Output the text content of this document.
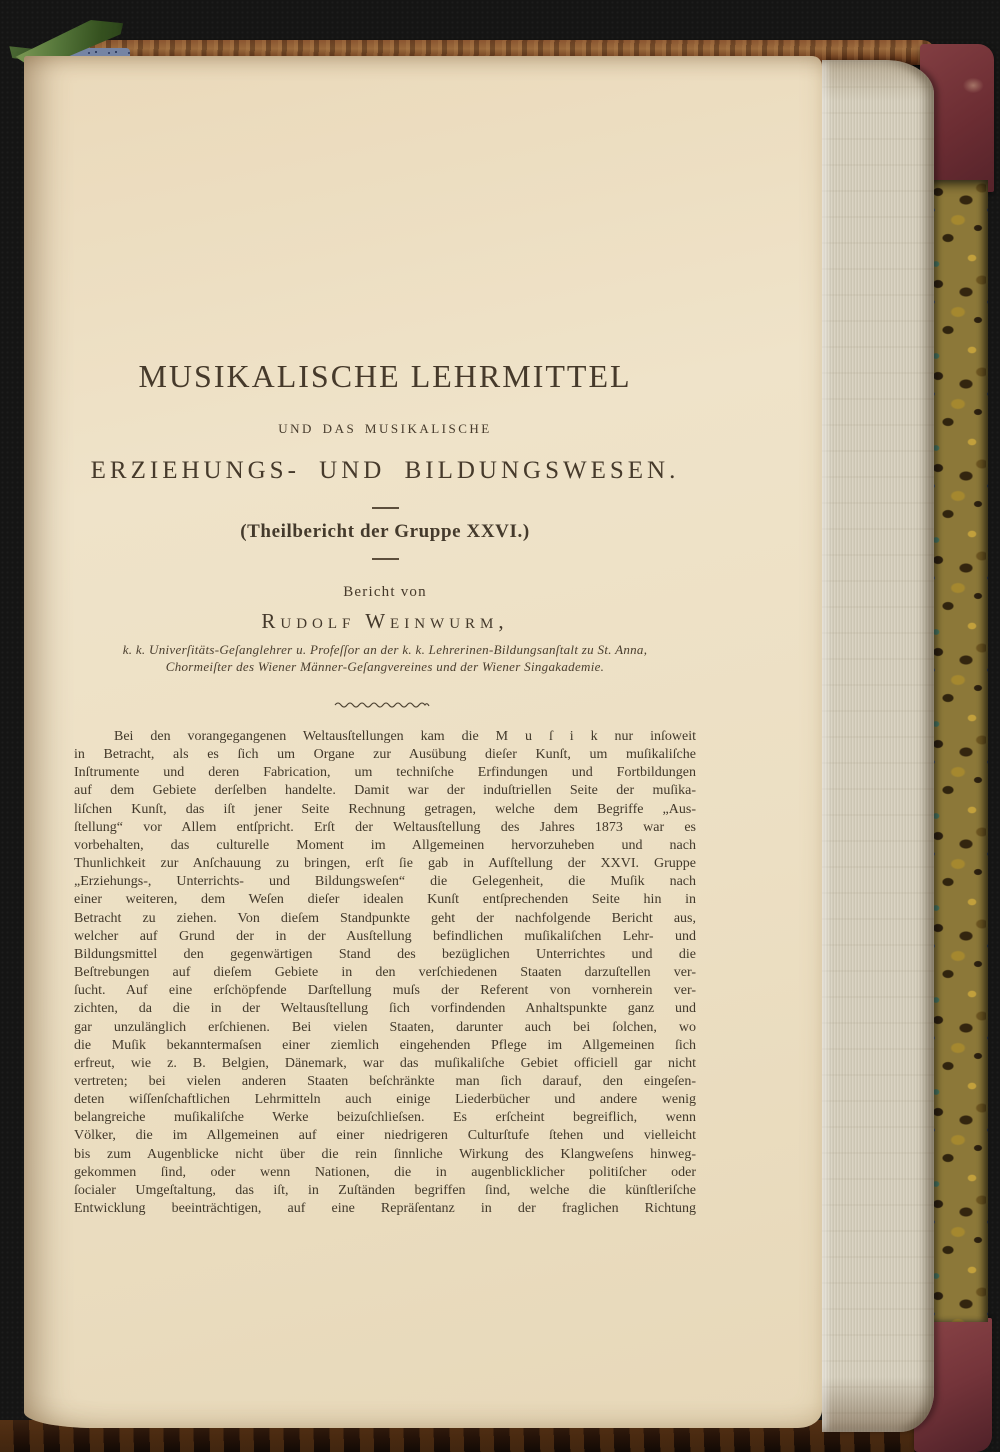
MUSIKALISCHE LEHRMITTEL
UND DAS MUSIKALISCHE
ERZIEHUNGS- UND BILDUNGSWESEN.
(Theilbericht der Gruppe XXVI.)
Bericht von
Rudolf Weinwurm,
k. k. Univerſitäts-Geſanglehrer u. Profeſſor an der k. k. Lehrerinen-Bildungsanſtalt zu St. Anna,
Chormeiſter des Wiener Männer-Geſangvereines und der Wiener Singakademie.
Bei den vorangegangenen Weltausſtellungen kam die M u ſ i k nur inſoweit
in Betracht, als es ſich um Organe zur Ausübung dieſer Kunſt, um muſikaliſche
Inſtrumente und deren Fabrication, um techniſche Erfindungen und Fortbildungen
auf dem Gebiete derſelben handelte. Damit war der induſtriellen Seite der muſika-
liſchen Kunſt, das iſt jener Seite Rechnung getragen, welche dem Begriffe „Aus-
ſtellung“ vor Allem entſpricht. Erſt der Weltausſtellung des Jahres 1873 war es
vorbehalten, das culturelle Moment im Allgemeinen hervorzuheben und nach
Thunlichkeit zur Anſchauung zu bringen, erſt ſie gab in Aufſtellung der XXVI. Gruppe
„Erziehungs-, Unterrichts- und Bildungsweſen“ die Gelegenheit, die Muſik nach
einer weiteren, dem Weſen dieſer idealen Kunſt entſprechenden Seite hin in
Betracht zu ziehen. Von dieſem Standpunkte geht der nachfolgende Bericht aus,
welcher auf Grund der in der Ausſtellung befindlichen muſikaliſchen Lehr- und
Bildungsmittel den gegenwärtigen Stand des bezüglichen Unterrichtes und die
Beſtrebungen auf dieſem Gebiete in den verſchiedenen Staaten darzuſtellen ver-
ſucht. Auf eine erſchöpfende Darſtellung muſs der Referent von vornherein ver-
zichten, da die in der Weltausſtellung ſich vorfindenden Anhaltspunkte ganz und
gar unzulänglich erſchienen. Bei vielen Staaten, darunter auch bei ſolchen, wo
die Muſik bekanntermaſsen einer ziemlich eingehenden Pflege im Allgemeinen ſich
erfreut, wie z. B. Belgien, Dänemark, war das muſikaliſche Gebiet officiell gar nicht
vertreten; bei vielen anderen Staaten beſchränkte man ſich darauf, den eingeſen-
deten wiſſenſchaftlichen Lehrmitteln auch einige Liederbücher und andere wenig
belangreiche muſikaliſche Werke beizuſchlieſsen. Es erſcheint begreiflich, wenn
Völker, die im Allgemeinen auf einer niedrigeren Culturſtufe ſtehen und vielleicht
bis zum Augenblicke nicht über die rein ſinnliche Wirkung des Klangweſens hinweg-
gekommen ſind, oder wenn Nationen, die in augenblicklicher politiſcher oder
ſocialer Umgeſtaltung, das iſt, in Zuſtänden begriffen ſind, welche die künſtleriſche
Entwicklung beeinträchtigen, auf eine Repräſentanz in der fraglichen Richtung
